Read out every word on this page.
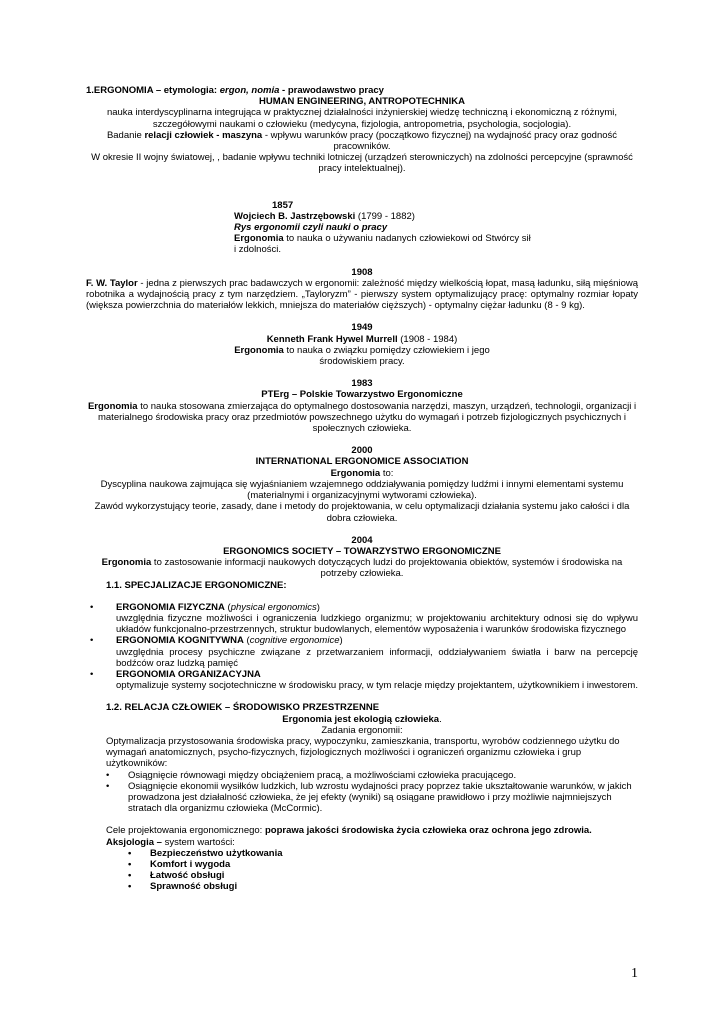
1.ERGONOMIA – etymologia: ergon, nomia - prawodawstwo pracy
HUMAN ENGINEERING, ANTROPOTECHNIKA
nauka interdyscyplinarna integrująca w praktycznej działalności inżynierskiej wiedzę techniczną i ekonomiczną z różnymi, szczegółowymi naukami o człowieku (medycyna, fizjologia, antropometria, psychologia, socjologia).
Badanie relacji człowiek - maszyna - wpływu warunków pracy (początkowo fizycznej) na wydajność pracy oraz godność pracowników.
W okresie II wojny światowej, , badanie wpływu techniki lotniczej (urządzeń sterowniczych) na zdolności percepcyjne (sprawność pracy intelektualnej).
1857
Wojciech B. Jastrzębowski (1799 - 1882)
Rys ergonomii czyli nauki o pracy
Ergonomia to nauka o używaniu nadanych człowiekowi od Stwórcy sił i zdolności.
1908
F. W. Taylor - jedna z pierwszych prac badawczych w ergonomii: zależność między wielkością łopat, masą ładunku, siłą mięśniową robotnika a wydajnością pracy z tym narzędziem. „Tayloryzm” - pierwszy system optymalizujący pracę: optymalny rozmiar łopaty (większa powierzchnia do materiałów lekkich, mniejsza do materiałów cięższych) - optymalny ciężar ładunku (8 - 9 kg).
1949
Kenneth Frank Hywel Murrell (1908 - 1984)
Ergonomia to nauka o związku pomiędzy człowiekiem i jego środowiskiem pracy.
1983
PTErg – Polskie Towarzystwo Ergonomiczne
Ergonomia to nauka stosowana zmierzająca do optymalnego dostosowania narzędzi, maszyn, urządzeń, technologii, organizacji i materialnego środowiska pracy oraz przedmiotów powszechnego użytku do wymagań i potrzeb fizjologicznych psychicznych i społecznych człowieka.
2000
INTERNATIONAL ERGONOMICE ASSOCIATION
Ergonomia to:
Dyscyplina naukowa zajmująca się wyjaśnianiem wzajemnego oddziaływania pomiędzy ludźmi i innymi elementami systemu (materialnymi i organizacyjnymi wytworami człowieka).
Zawód wykorzystujący teorie, zasady, dane i metody do projektowania, w celu optymalizacji działania systemu jako całości i dla dobra człowieka.
2004
ERGONOMICS SOCIETY – TOWARZYSTWO ERGONOMICZNE
Ergonomia to zastosowanie informacji naukowych dotyczących ludzi do projektowania obiektów, systemów i środowiska na potrzeby człowieka.
1.1. SPECJALIZACJE ERGONOMICZNE:
• ERGONOMIA FIZYCZNA (physical ergonomics)
uwzględnia fizyczne możliwości i ograniczenia ludzkiego organizmu; w projektowaniu architektury odnosi się do wpływu układów funkcjonalno-przestrzennych, struktur budowlanych, elementów wyposażenia i warunków środowiska fizycznego
• ERGONOMIA KOGNITYWNA (cognitive ergonomice)
uwzględnia procesy psychiczne związane z przetwarzaniem informacji, oddziaływaniem światła i barw na percepcję bodźców oraz ludzką pamięć
• ERGONOMIA ORGANIZACYJNA
optymalizuje systemy socjotechniczne w środowisku pracy, w tym relacje między projektantem, użytkownikiem i inwestorem.
1.2. RELACJA CZŁOWIEK – ŚRODOWISKO PRZESTRZENNE
Ergonomia jest ekologią człowieka.
Zadania ergonomii:
Optymalizacja przystosowania środowiska pracy, wypoczynku, zamieszkania, transportu, wyrobów codziennego użytku do wymagań anatomicznych, psycho-fizycznych, fizjologicznych możliwości i ograniczeń organizmu człowieka i grup użytkowników:
• Osiągnięcie równowagi między obciążeniem pracą, a możliwościami człowieka pracującego.
• Osiągnięcie ekonomii wysiłków ludzkich, lub wzrostu wydajności pracy poprzez takie ukształtowanie warunków, w jakich prowadzona jest działalność człowieka, że jej efekty (wyniki) są osiągane prawidłowo i przy możliwie najmniejszych stratach dla organizmu człowieka (McCormic).
Cele projektowania ergonomicznego: poprawa jakości środowiska życia człowieka oraz ochrona jego zdrowia.
Aksjologia – system wartości:
• Bezpieczeństwo użytkowania
• Komfort i wygoda
• Łatwość obsługi
• Sprawność obsługi
1
